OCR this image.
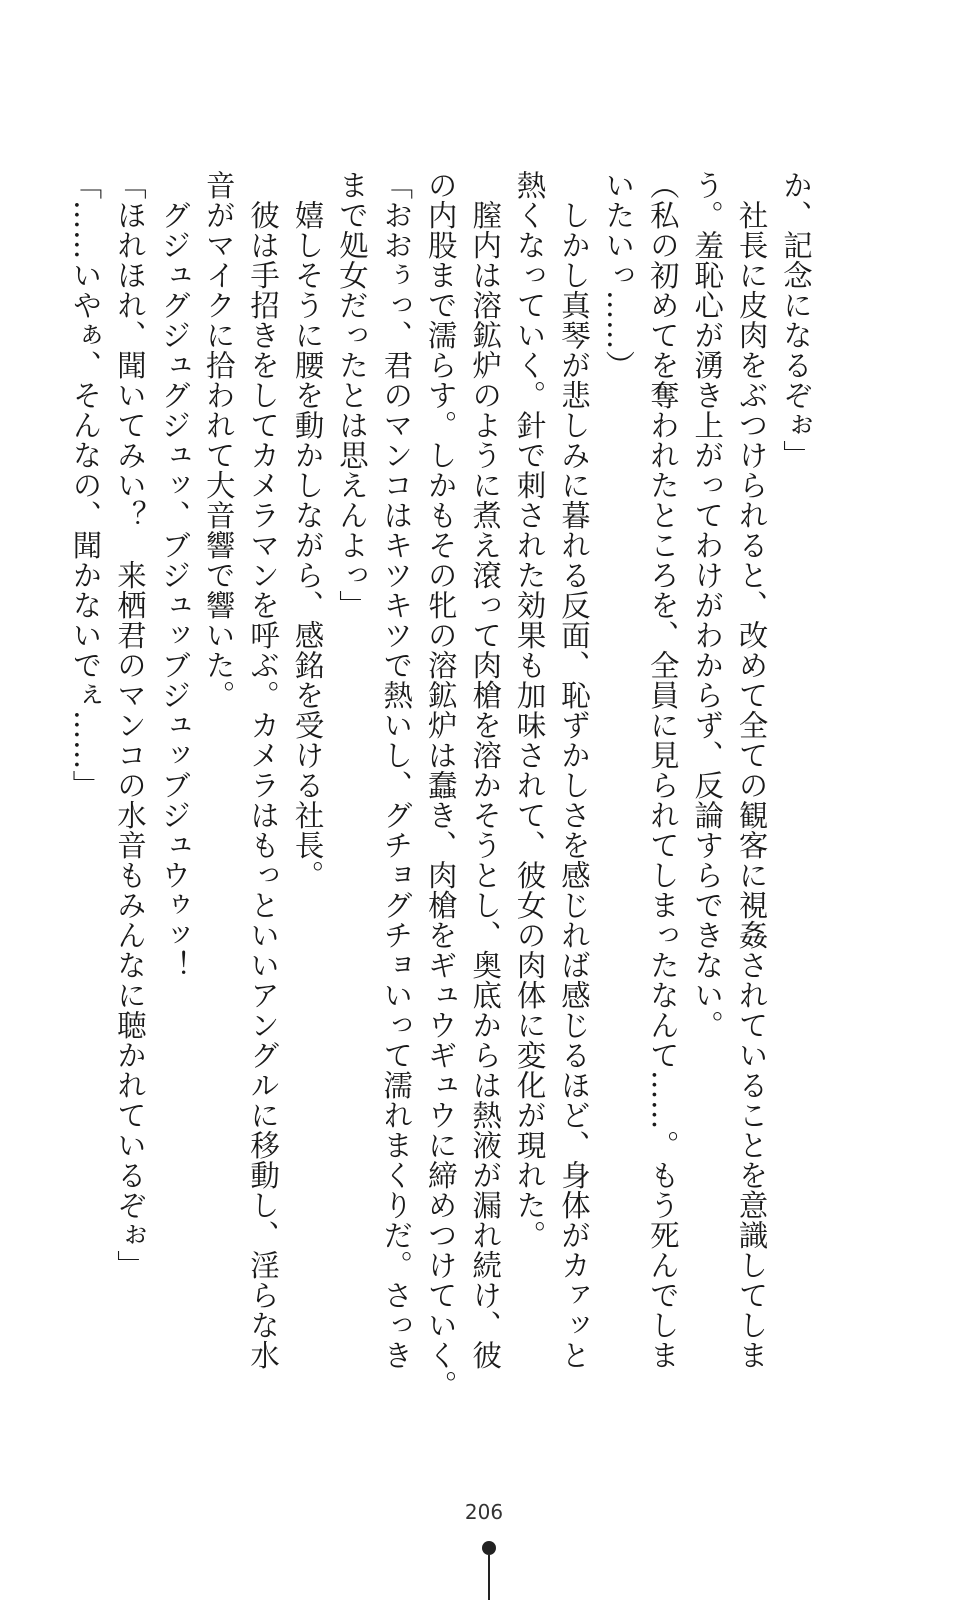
か、記念になるぞぉ」
　社長に皮肉をぶつけられると、改めて全ての観客に視姦されていることを意識してしま
う。羞恥心が湧き上がってわけがわからず、反論すらできない。
（私の初めてを奪われたところを、全員に見られてしまったなんて……。もう死んでしま
いたいっ……）
　しかし真琴が悲しみに暮れる反面、恥ずかしさを感じれば感じるほど、身体がカァッと
熱くなっていく。針で刺された効果も加味されて、彼女の肉体に変化が現れた。
　膣内は溶鉱炉のように煮え滾って肉槍を溶かそうとし、奥底からは熱液が漏れ続け、彼
の内股まで濡らす。しかもその牝の溶鉱炉は蠢き、肉槍をギュウギュウに締めつけていく。
「おおぅっ、君のマンコはキツキツで熱いし、グチョグチョいって濡れまくりだ。さっき
まで処女だったとは思えんよっ」
　嬉しそうに腰を動かしながら、感銘を受ける社長。
　彼は手招きをしてカメラマンを呼ぶ。カメラはもっといいアングルに移動し、淫らな水
音がマイクに拾われて大音響で響いた。
　グジュグジュグジュッ、ブジュッブジュッブジュウゥッ！
「ほれほれ、聞いてみい？　来栖君のマンコの水音もみんなに聴かれているぞぉ」
「……いやぁ、そんなの、聞かないでぇ……」
206
